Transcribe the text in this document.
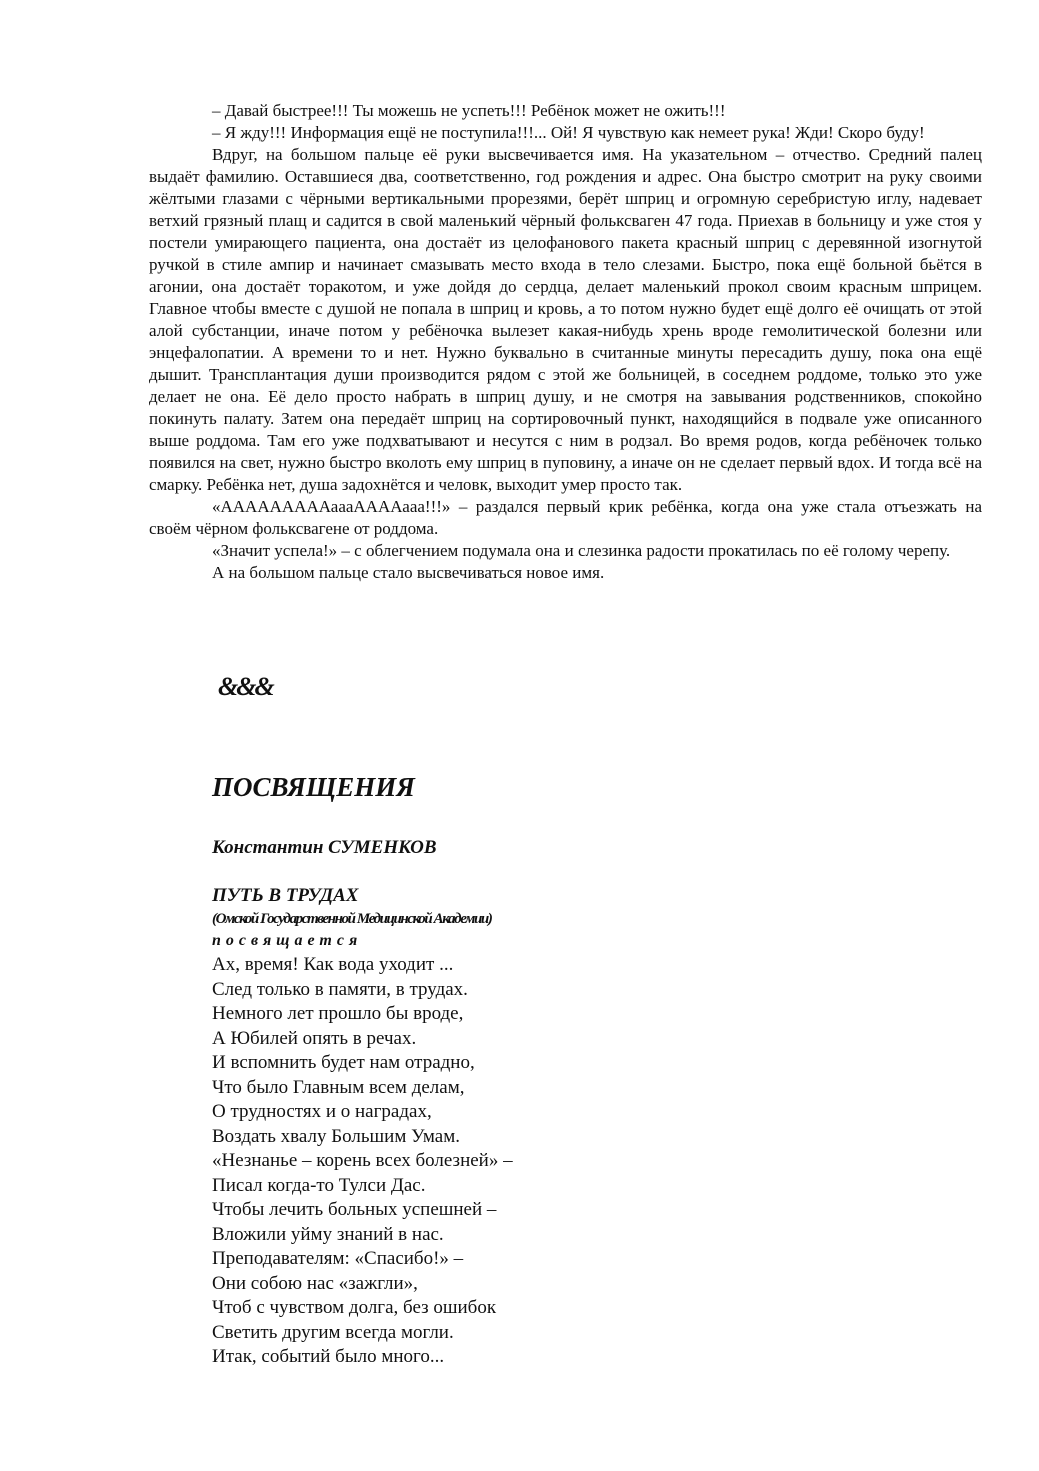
– Давай быстрее!!! Ты можешь не успеть!!! Ребёнок может не ожить!!!

– Я жду!!! Информация ещё не поступила!!!... Ой! Я чувствую как немеет рука! Жди! Скоро буду!

Вдруг, на большом пальце её руки высвечивается имя. На указательном – отчество. Средний палец выдаёт фамилию. Оставшиеся два, соответственно, год рождения и адрес. Она быстро смотрит на руку своими жёлтыми глазами с чёрными вертикальными прорезями, берёт шприц и огромную серебристую иглу, надевает ветхий грязный плащ и садится в свой маленький чёрный фольксваген 47 года. Приехав в больницу и уже стоя у постели умирающего пациента, она достаёт из целофанового пакета красный шприц с деревянной изогнутой ручкой в стиле ампир и начинает смазывать место входа в тело слезами. Быстро, пока ещё больной бьётся в агонии, она достаёт торакотом, и уже дойдя до сердца, делает маленький прокол своим красным шприцем. Главное чтобы вместе с душой не попала в шприц и кровь, а то потом нужно будет ещё долго её очищать от этой алой субстанции, иначе потом у ребёночка вылезет какая-нибудь хрень вроде гемолитической болезни или энцефалопатии. А времени то и нет. Нужно буквально в считанные минуты пересадить душу, пока она ещё дышит. Трансплантация души производится рядом с этой же больницей, в соседнем роддоме, только это уже делает не она. Её дело просто набрать в шприц душу, и не смотря на завывания родственников, спокойно покинуть палату. Затем она передаёт шприц на сортировочный пункт, находящийся в подвале уже описанного выше роддома. Там его уже подхватывают и несутся с ним в родзал. Во время родов, когда ребёночек только появился на свет, нужно быстро вколоть ему шприц в пуповину, а иначе он не сделает первый вдох. И тогда всё на смарку. Ребёнка нет, душа задохнётся и человк, выходит умер просто так.

«АААААААААаааААААааа!!!» – раздался первый крик ребёнка, когда она уже стала отъезжать на своём чёрном фольксвагене от роддома.

«Значит успела!» – с облегчением подумала она и слезинка радости прокатилась по её голому черепу.

А на большом пальце стало высвечиваться новое имя.

&&&
ПОСВЯЩЕНИЯ
Константин СУМЕНКОВ
ПУТЬ В ТРУДАХ
(Омской Государственной Медицинской Академии)
посвящается
Ах, время! Как вода уходит ...
След только в памяти, в трудах.
Немного лет прошло бы вроде,
А Юбилей опять в речах.
И вспомнить будет нам отрадно,
Что было Главным всем делам,
О трудностях и о наградах,
Воздать хвалу Большим Умам.
«Незнанье – корень всех болезней» –
Писал когда-то Тулси Дас.
Чтобы лечить больных успешней –
Вложили уйму знаний в нас.
Преподавателям: «Спасибо!» –
Они собою нас «зажгли»,
Чтоб с чувством долга, без ошибок
Светить другим всегда могли.
Итак, событий было много...
